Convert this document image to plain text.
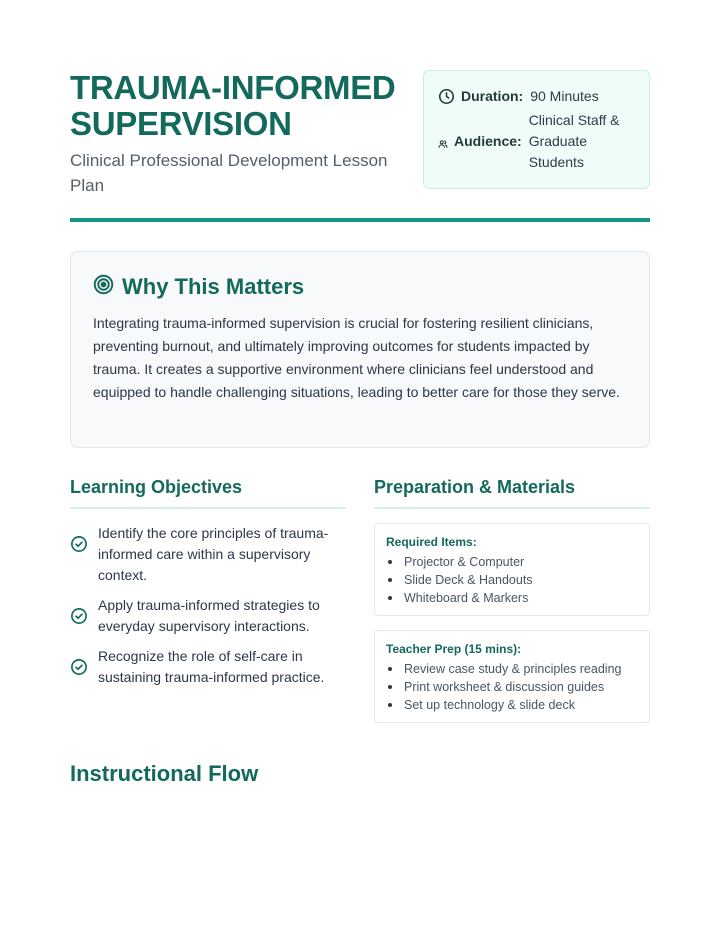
TRAUMA-INFORMED SUPERVISION
Clinical Professional Development Lesson Plan
Duration: 90 Minutes
Audience:
Clinical Staff & Graduate Students
Why This Matters

Integrating trauma-informed supervision is crucial for fostering resilient clinicians, preventing burnout, and ultimately improving outcomes for students impacted by trauma. It creates a supportive environment where clinicians feel understood and equipped to handle challenging situations, leading to better care for those they serve.

Learning Objectives
Identify the core principles of trauma-informed care within a supervisory context.
Apply trauma-informed strategies to everyday supervisory interactions.
Recognize the role of self-care in sustaining trauma-informed practice.
Preparation & Materials
Required Items:
Projector & Computer
Slide Deck & Handouts
Whiteboard & Markers
Teacher Prep (15 mins):
Review case study & principles reading
Print worksheet & discussion guides
Set up technology & slide deck
Instructional Flow
